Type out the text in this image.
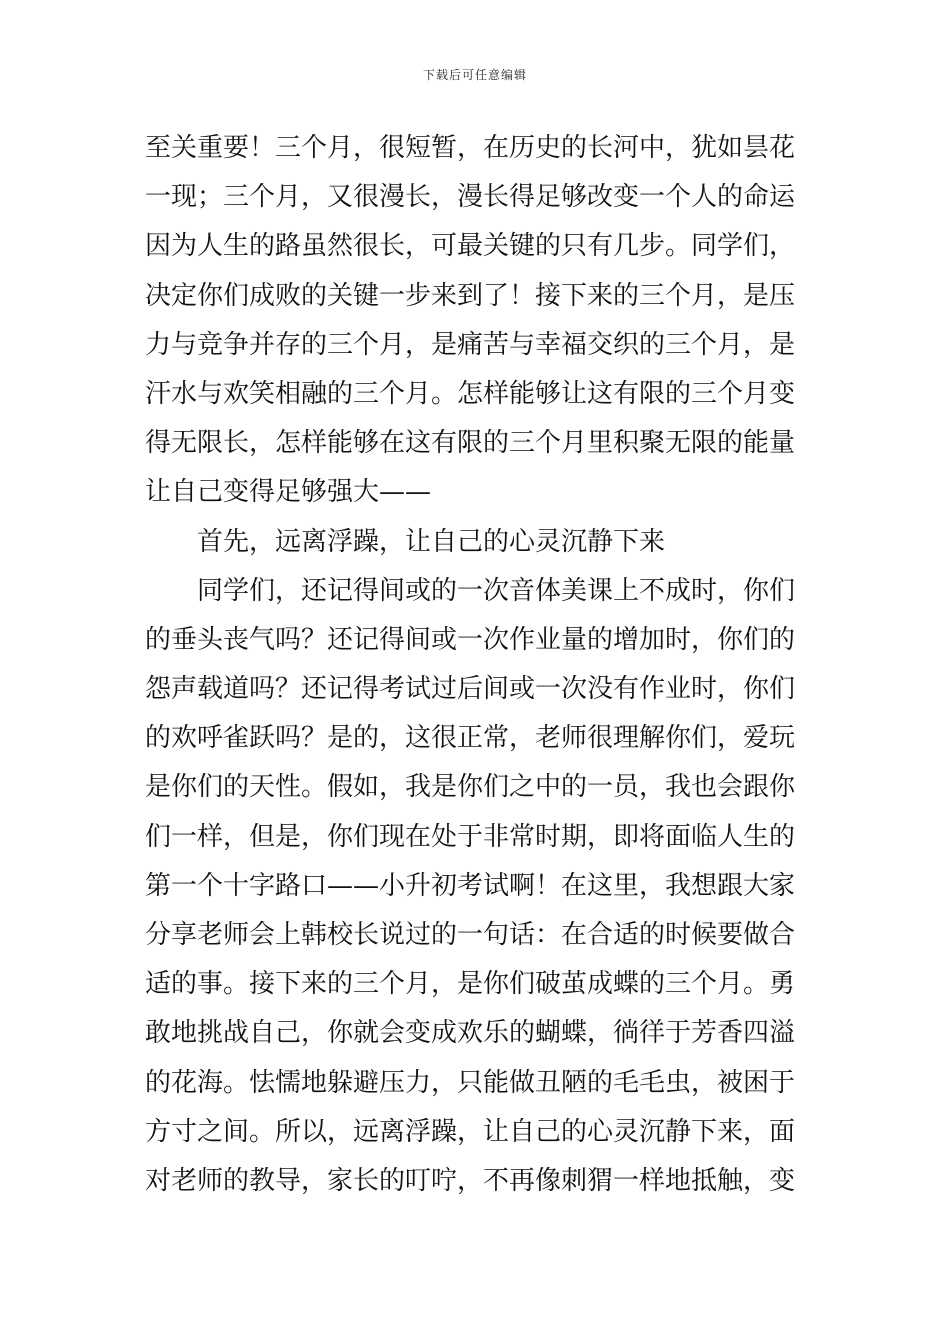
下载后可任意编辑
至关重要！三个月，很短暂，在历史的长河中，犹如昙花
一现；三个月，又很漫长，漫长得足够改变一个人的命运
因为人生的路虽然很长，可最关键的只有几步。同学们，
决定你们成败的关键一步来到了！接下来的三个月，是压
力与竞争并存的三个月，是痛苦与幸福交织的三个月，是
汗水与欢笑相融的三个月。怎样能够让这有限的三个月变
得无限长，怎样能够在这有限的三个月里积聚无限的能量
让自己变得足够强大——
首先，远离浮躁，让自己的心灵沉静下来
同学们，还记得间或的一次音体美课上不成时，你们
的垂头丧气吗？还记得间或一次作业量的增加时，你们的
怨声载道吗？还记得考试过后间或一次没有作业时，你们
的欢呼雀跃吗？是的，这很正常，老师很理解你们，爱玩
是你们的天性。假如，我是你们之中的一员，我也会跟你
们一样，但是，你们现在处于非常时期，即将面临人生的
第一个十字路口——小升初考试啊！在这里，我想跟大家
分享老师会上韩校长说过的一句话：在合适的时候要做合
适的事。接下来的三个月，是你们破茧成蝶的三个月。勇
敢地挑战自己，你就会变成欢乐的蝴蝶，徜徉于芳香四溢
的花海。怯懦地躲避压力，只能做丑陋的毛毛虫，被困于
方寸之间。所以，远离浮躁，让自己的心灵沉静下来，面
对老师的教导，家长的叮咛，不再像刺猬一样地抵触，变
